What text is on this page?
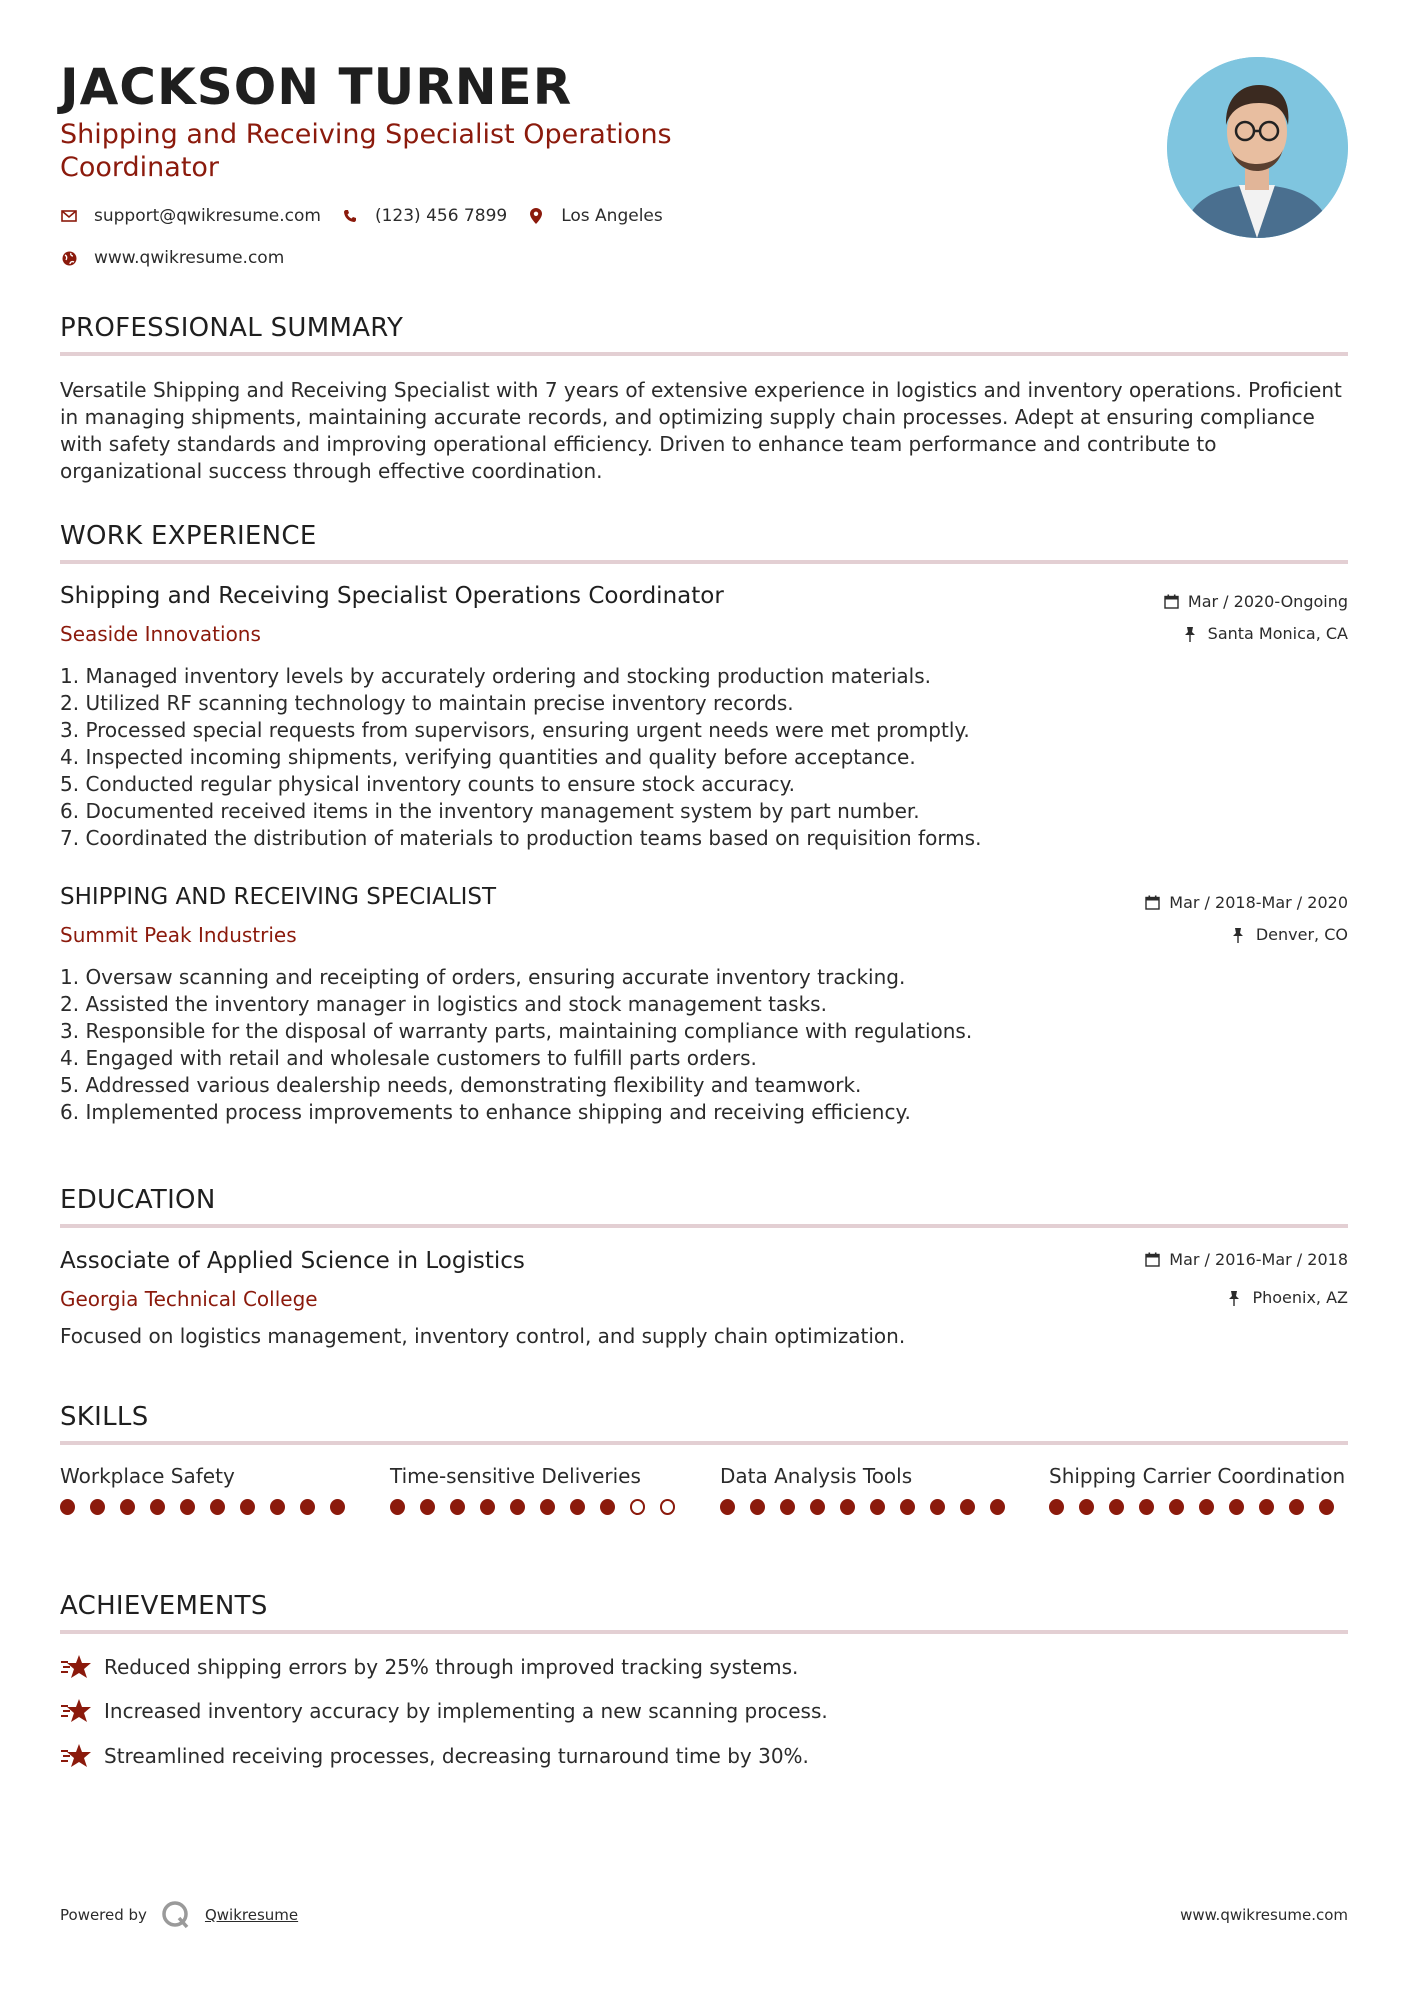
JACKSON TURNER
Shipping and Receiving Specialist Operations Coordinator
support@qwikresume.com	(123) 456 7899	Los Angeles
www.qwikresume.com
PROFESSIONAL SUMMARY

Versatile Shipping and Receiving Specialist with 7 years of extensive experience in logistics and inventory operations. Proficient in managing shipments, maintaining accurate records, and optimizing supply chain processes. Adept at ensuring compliance with safety standards and improving operational efficiency. Driven to enhance team performance and contribute to organizational success through effective coordination.

WORK EXPERIENCE
Shipping and Receiving Specialist Operations Coordinator
Seaside Innovations
Mar / 2020-Ongoing
Santa Monica, CA
1. Managed inventory levels by accurately ordering and stocking production materials.
2. Utilized RF scanning technology to maintain precise inventory records.
3. Processed special requests from supervisors, ensuring urgent needs were met promptly.
4. Inspected incoming shipments, verifying quantities and quality before acceptance.
5. Conducted regular physical inventory counts to ensure stock accuracy.
6. Documented received items in the inventory management system by part number.
7. Coordinated the distribution of materials to production teams based on requisition forms.
SHIPPING AND RECEIVING SPECIALIST
Summit Peak Industries
Mar / 2018-Mar / 2020
Denver, CO
1. Oversaw scanning and receipting of orders, ensuring accurate inventory tracking.
2. Assisted the inventory manager in logistics and stock management tasks.
3. Responsible for the disposal of warranty parts, maintaining compliance with regulations.
4. Engaged with retail and wholesale customers to fulfill parts orders.
5. Addressed various dealership needs, demonstrating flexibility and teamwork.
6. Implemented process improvements to enhance shipping and receiving efficiency.
EDUCATION
Associate of Applied Science in Logistics
Georgia Technical College
Mar / 2016-Mar / 2018
Phoenix, AZ

Focused on logistics management, inventory control, and supply chain optimization.

SKILLS
Workplace Safety	Time-sensitive Deliveries	Data Analysis Tools	Shipping Carrier Coordination
ACHIEVEMENTS
Reduced shipping errors by 25% through improved tracking systems.
Increased inventory accuracy by implementing a new scanning process.
Streamlined receiving processes, decreasing turnaround time by 30%.
Powered by	Qwikresume	www.qwikresume.com
